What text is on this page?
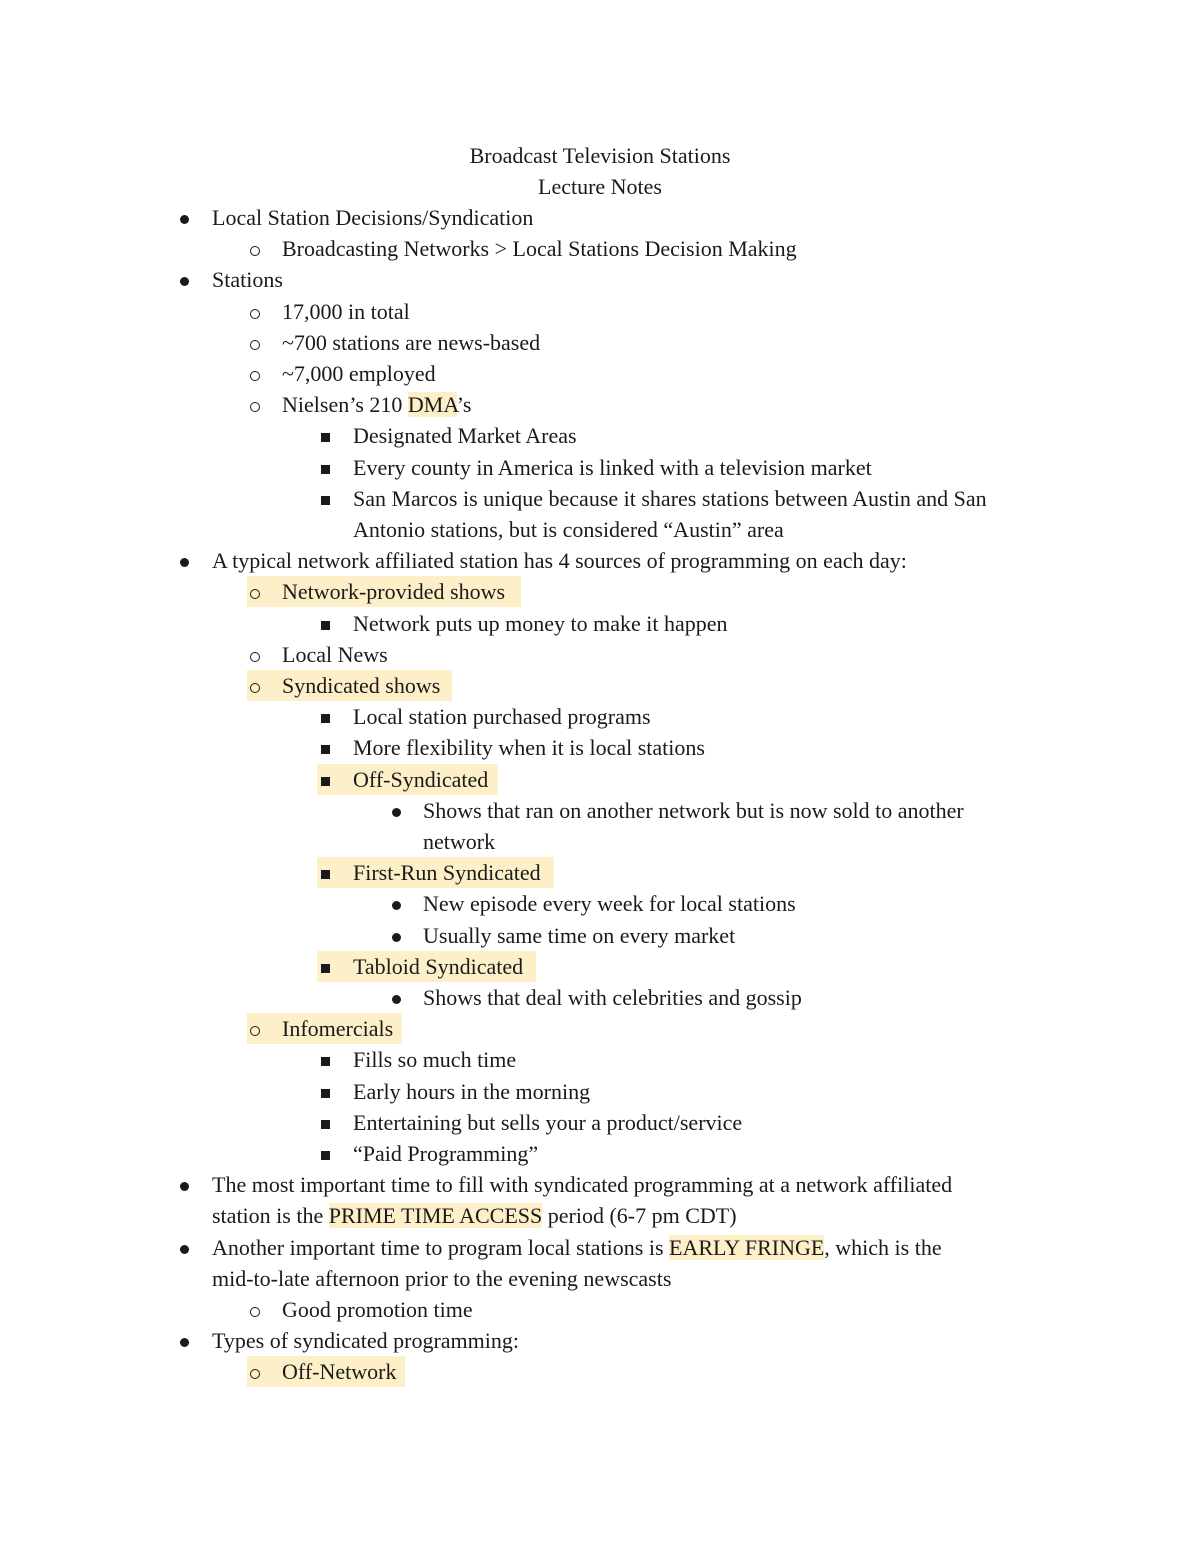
Broadcast Television Stations
Lecture Notes
Local Station Decisions/Syndication
Broadcasting Networks > Local Stations Decision Making
Stations
17,000 in total
~700 stations are news-based
~7,000 employed
Nielsen’s 210 DMA’s
Designated Market Areas
Every county in America is linked with a television market
San Marcos is unique because it shares stations between Austin and San
Antonio stations, but is considered “Austin” area
A typical network affiliated station has 4 sources of programming on each day:
Network-provided shows
Network puts up money to make it happen
Local News
Syndicated shows
Local station purchased programs
More flexibility when it is local stations
Off-Syndicated
Shows that ran on another network but is now sold to another
network
First-Run Syndicated
New episode every week for local stations
Usually same time on every market
Tabloid Syndicated
Shows that deal with celebrities and gossip
Infomercials
Fills so much time
Early hours in the morning
Entertaining but sells your a product/service
“Paid Programming”
The most important time to fill with syndicated programming at a network affiliated
station is the PRIME TIME ACCESS period (6-7 pm CDT)
Another important time to program local stations is EARLY FRINGE, which is the
mid-to-late afternoon prior to the evening newscasts
Good promotion time
Types of syndicated programming:
Off-Network
